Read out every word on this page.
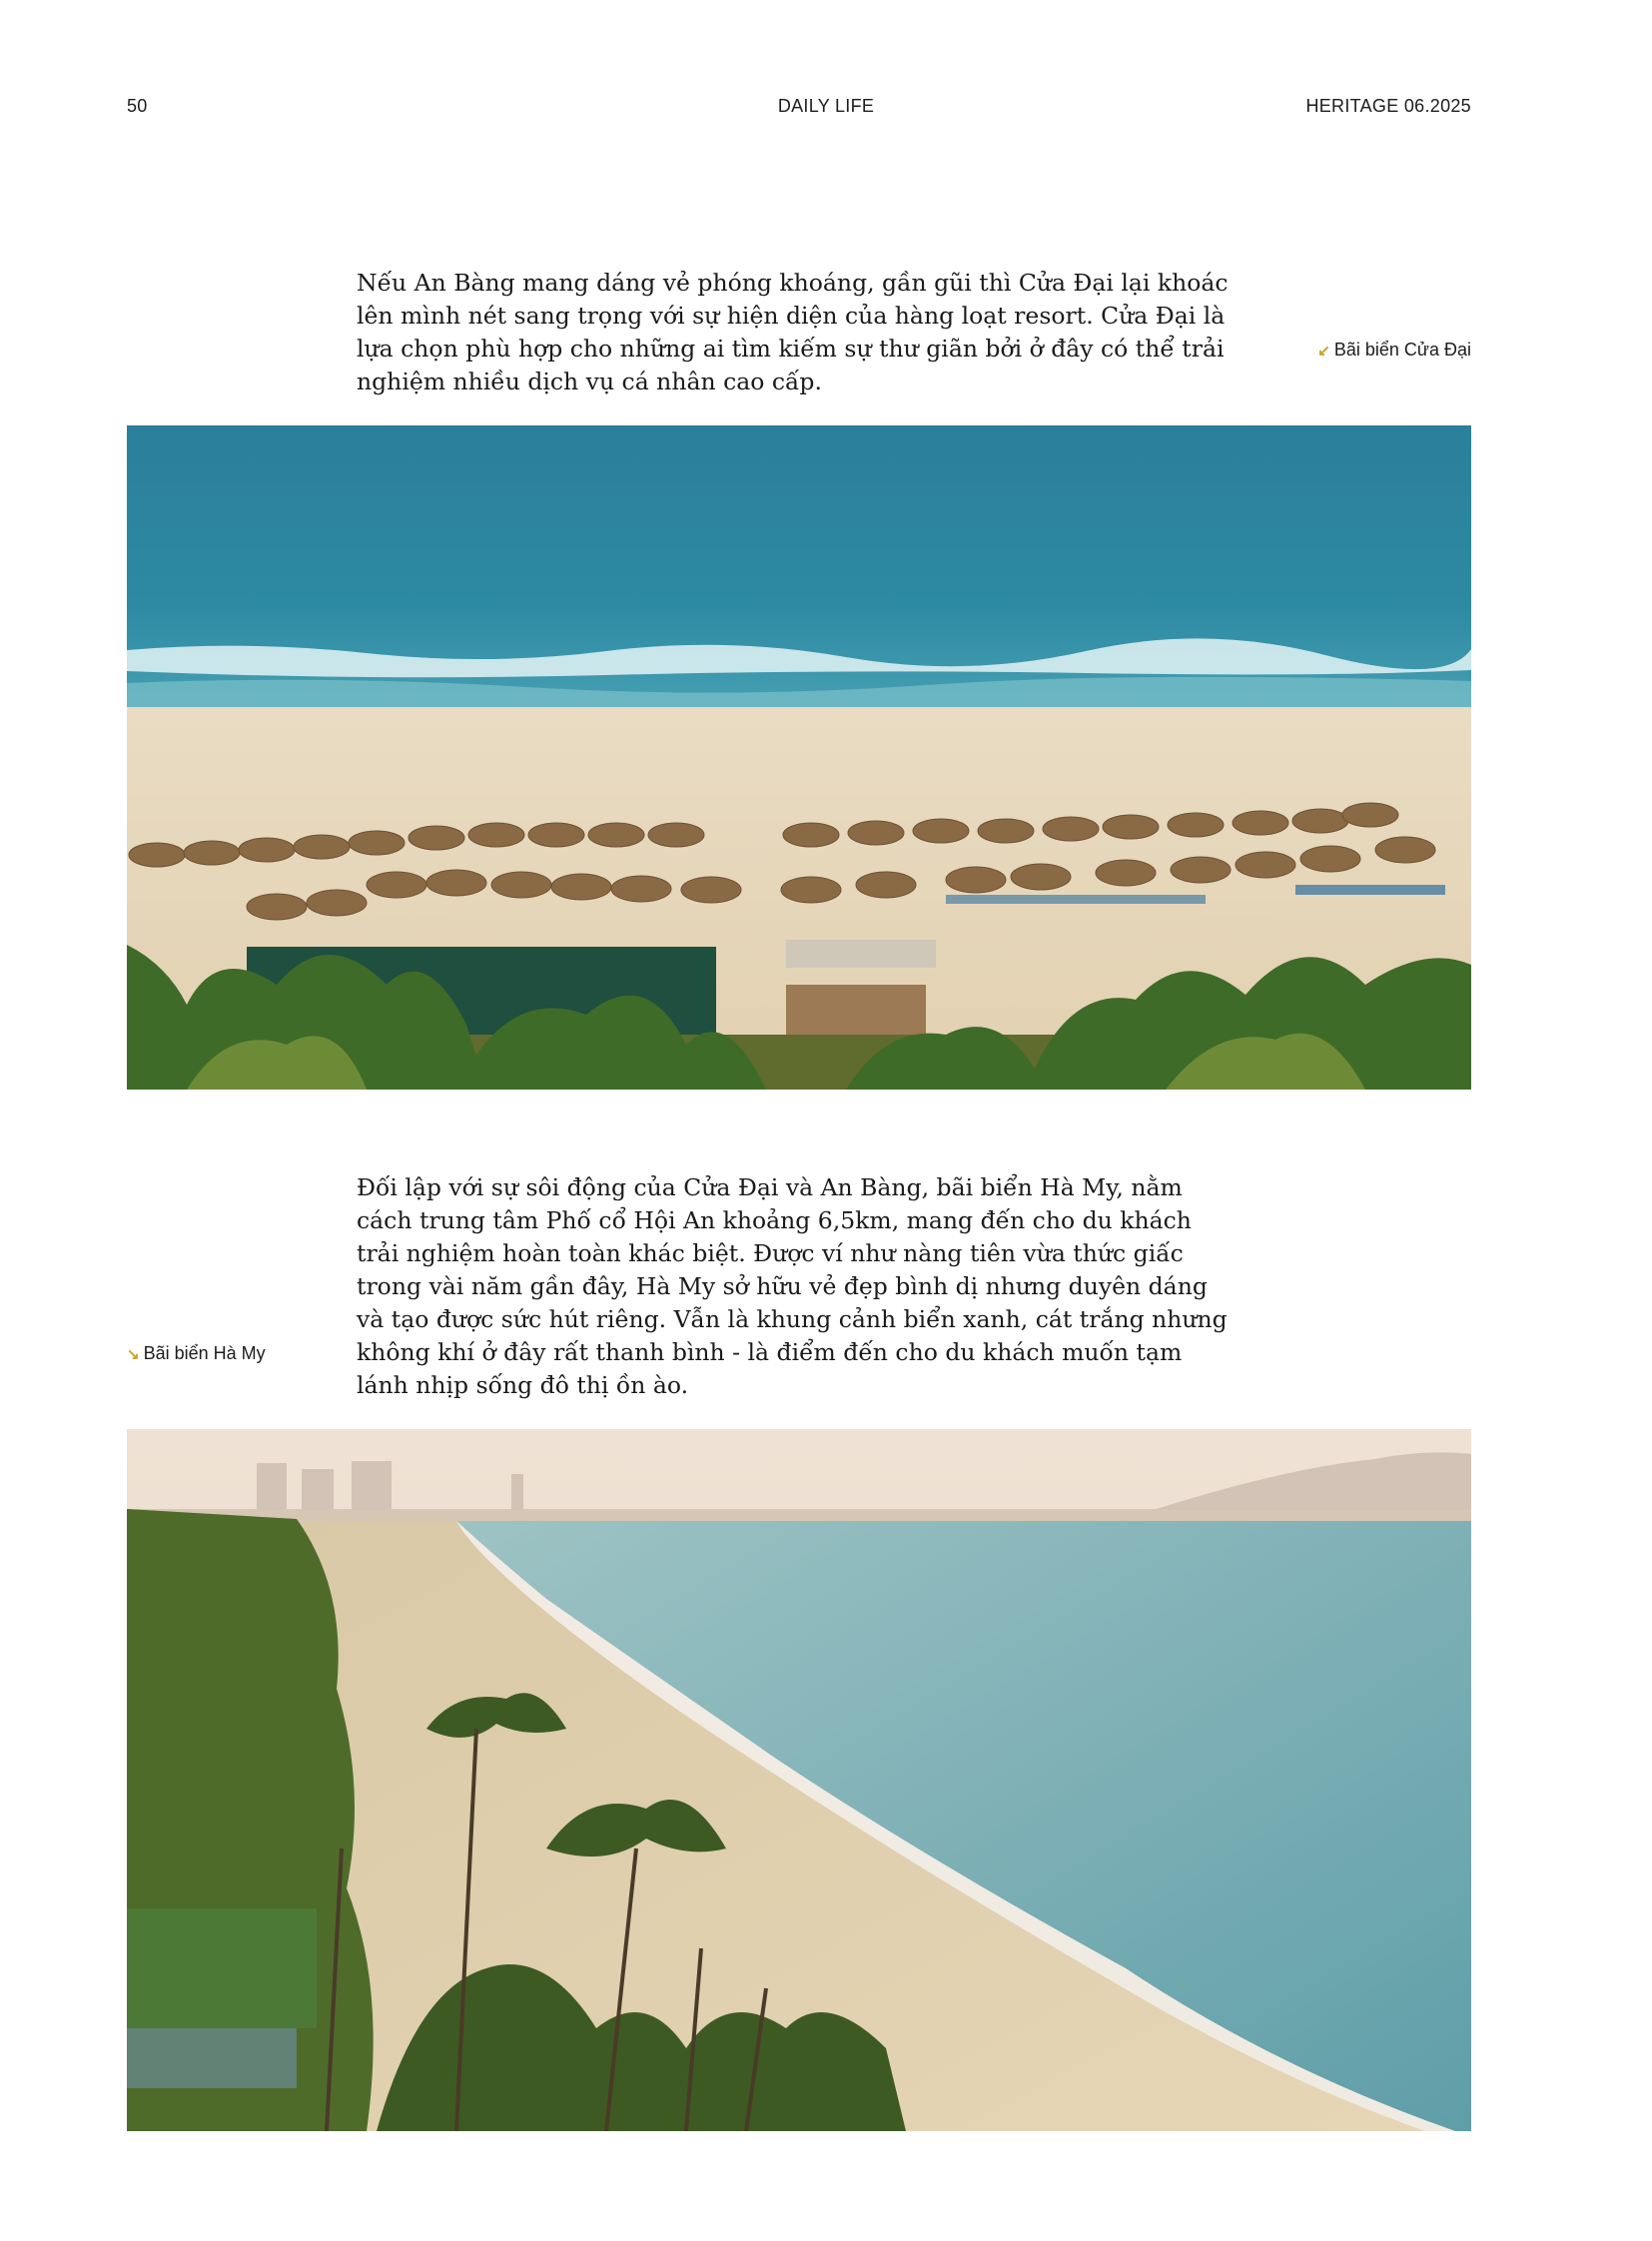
50	DAILY LIFE	HERITAGE 06.2025

Nếu An Bàng mang dáng vẻ phóng khoáng, gần gũi thì Cửa Đại lại khoác lên mình nét sang trọng với sự hiện diện của hàng loạt resort. Cửa Đại là lựa chọn phù hợp cho những ai tìm kiếm sự thư giãn bởi ở đây có thể trải nghiệm nhiều dịch vụ cá nhân cao cấp.

↙ Bãi biển Cửa Đại

Đối lập với sự sôi động của Cửa Đại và An Bàng, bãi biển Hà My, nằm cách trung tâm Phố cổ Hội An khoảng 6,5km, mang đến cho du khách trải nghiệm hoàn toàn khác biệt. Được ví như nàng tiên vừa thức giấc trong vài năm gần đây, Hà My sở hữu vẻ đẹp bình dị nhưng duyên dáng và tạo được sức hút riêng. Vẫn là khung cảnh biển xanh, cát trắng nhưng không khí ở đây rất thanh bình - là điểm đến cho du khách muốn tạm lánh nhịp sống đô thị ồn ào.

↘ Bãi biển Hà My
